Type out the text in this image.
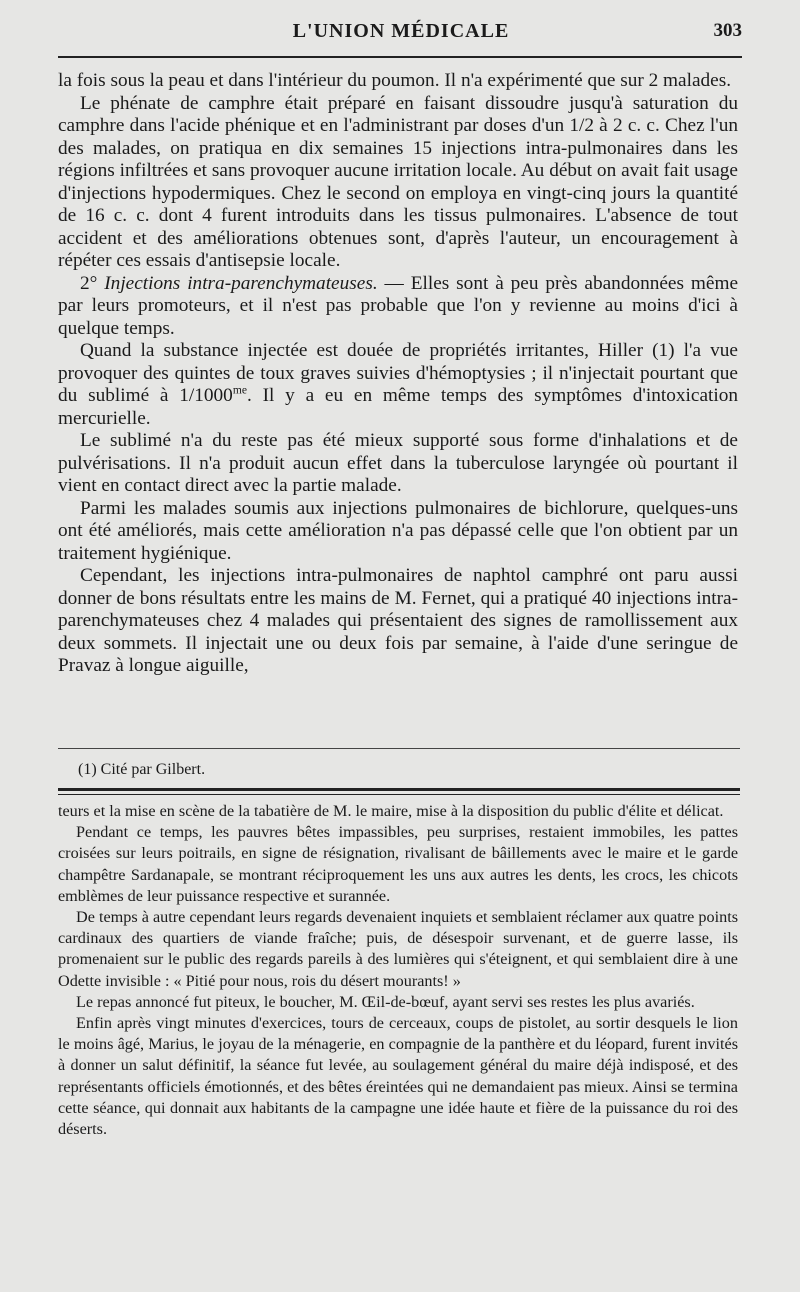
L'UNION MÉDICALE	303

la fois sous la peau et dans l'intérieur du poumon. Il n'a expérimenté que sur 2 malades.

Le phénate de camphre était préparé en faisant dissoudre jusqu'à saturation du camphre dans l'acide phénique et en l'administrant par doses d'un 1/2 à 2 c. c. Chez l'un des malades, on pratiqua en dix semaines 15 injections intra-pulmonaires dans les régions infiltrées et sans provoquer aucune irritation locale. Au début on avait fait usage d'injections hypodermiques. Chez le second on employa en vingt-cinq jours la quantité de 16 c. c. dont 4 furent introduits dans les tissus pulmonaires. L'absence de tout accident et des améliorations obtenues sont, d'après l'auteur, un encouragement à répéter ces essais d'antisepsie locale.

2° Injections intra-parenchymateuses. — Elles sont à peu près abandonnées même par leurs promoteurs, et il n'est pas probable que l'on y revienne au moins d'ici à quelque temps.

Quand la substance injectée est douée de propriétés irritantes, Hiller (1) l'a vue provoquer des quintes de toux graves suivies d'hémoptysies ; il n'injectait pourtant que du sublimé à $1/1000^{me}$. Il y a eu en même temps des symptômes d'intoxication mercurielle.

Le sublimé n'a du reste pas été mieux supporté sous forme d'inhalations et de pulvérisations. Il n'a produit aucun effet dans la tuberculose laryngée où pourtant il vient en contact direct avec la partie malade.

Parmi les malades soumis aux injections pulmonaires de bichlorure, quelques-uns ont été améliorés, mais cette amélioration n'a pas dépassé celle que l'on obtient par un traitement hygiénique.

Cependant, les injections intra-pulmonaires de naphtol camphré ont paru aussi donner de bons résultats entre les mains de M. Fernet, qui a pratiqué 40 injections intra-parenchymateuses chez 4 malades qui présentaient des signes de ramollissement aux deux sommets. Il injectait une ou deux fois par semaine, à l'aide d'une seringue de Pravaz à longue aiguille,

(1) Cité par Gilbert.

teurs et la mise en scène de la tabatière de M. le maire, mise à la disposition du public d'élite et délicat.

Pendant ce temps, les pauvres bêtes impassibles, peu surprises, restaient immobiles, les pattes croisées sur leurs poitrails, en signe de résignation, rivalisant de bâillements avec le maire et le garde champêtre Sardanapale, se montrant réciproquement les uns aux autres les dents, les crocs, les chicots emblèmes de leur puissance respective et surannée.

De temps à autre cependant leurs regards devenaient inquiets et semblaient réclamer aux quatre points cardinaux des quartiers de viande fraîche; puis, de désespoir survenant, et de guerre lasse, ils promenaient sur le public des regards pareils à des lumières qui s'éteignent, et qui semblaient dire à une Odette invisible : « Pitié pour nous, rois du désert mourants! »

Le repas annoncé fut piteux, le boucher, M. Œil-de-bœuf, ayant servi ses restes les plus avariés.

Enfin après vingt minutes d'exercices, tours de cerceaux, coups de pistolet, au sortir desquels le lion le moins âgé, Marius, le joyau de la ménagerie, en compagnie de la panthère et du léopard, furent invités à donner un salut définitif, la séance fut levée, au soulagement général du maire déjà indisposé, et des représentants officiels émotionnés, et des bêtes éreintées qui ne demandaient pas mieux. Ainsi se termina cette séance, qui donnait aux habitants de la campagne une idée haute et fière de la puissance du roi des déserts.
